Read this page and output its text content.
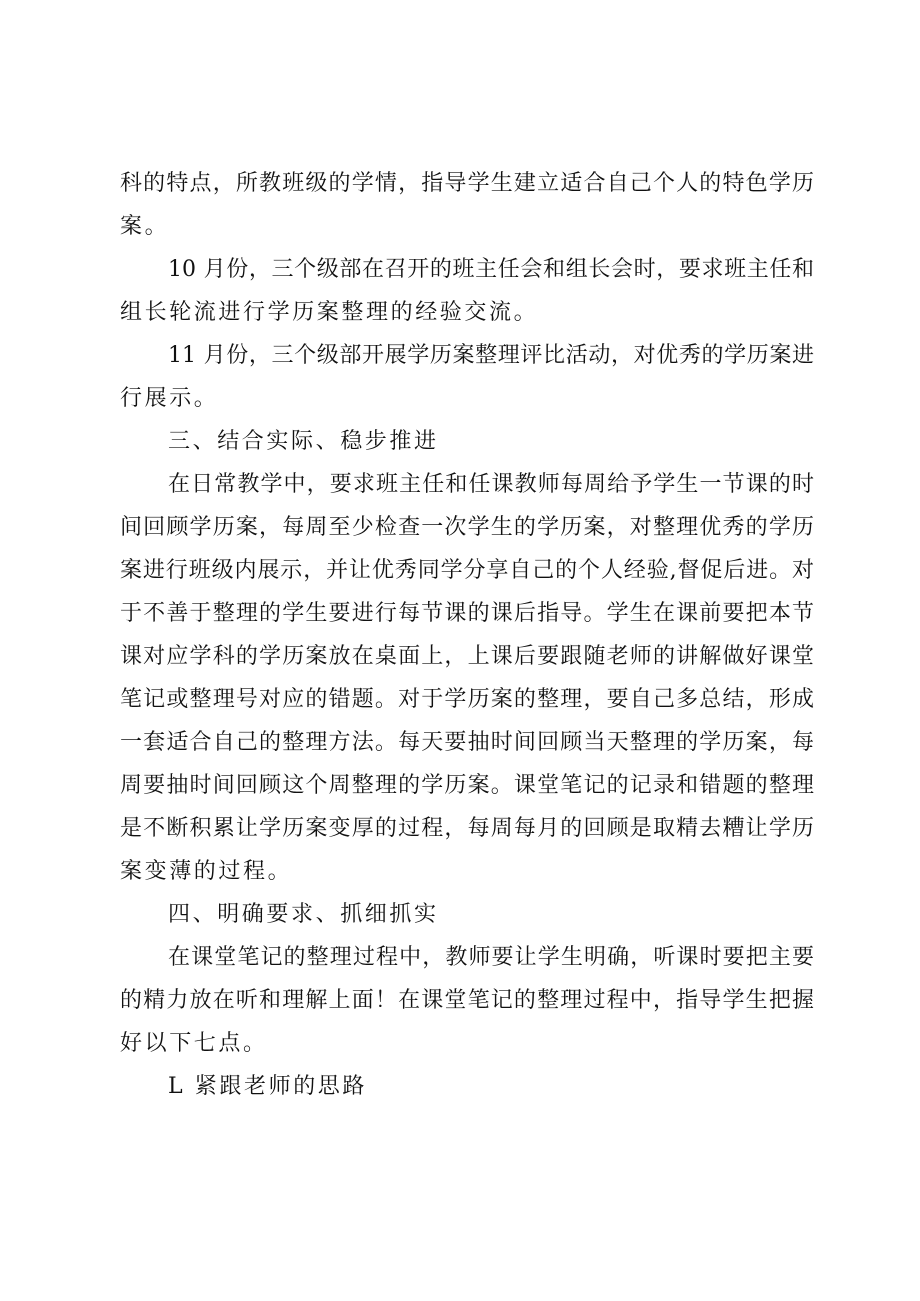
科的特点，所教班级的学情，指导学生建立适合自己个人的特色学历
案。
10 月份，三个级部在召开的班主任会和组长会时，要求班主任和
组长轮流进行学历案整理的经验交流。
11 月份，三个级部开展学历案整理评比活动，对优秀的学历案进
行展示。
三、结合实际、稳步推进
在日常教学中，要求班主任和任课教师每周给予学生一节课的时
间回顾学历案，每周至少检查一次学生的学历案，对整理优秀的学历
案进行班级内展示，并让优秀同学分享自己的个人经验,督促后进。对
于不善于整理的学生要进行每节课的课后指导。学生在课前要把本节
课对应学科的学历案放在桌面上，上课后要跟随老师的讲解做好课堂
笔记或整理号对应的错题。对于学历案的整理，要自己多总结，形成
一套适合自己的整理方法。每天要抽时间回顾当天整理的学历案，每
周要抽时间回顾这个周整理的学历案。课堂笔记的记录和错题的整理
是不断积累让学历案变厚的过程，每周每月的回顾是取精去糟让学历
案变薄的过程。
四、明确要求、抓细抓实
在课堂笔记的整理过程中，教师要让学生明确，听课时要把主要
的精力放在听和理解上面！在课堂笔记的整理过程中，指导学生把握
好以下七点。
L 紧跟老师的思路
